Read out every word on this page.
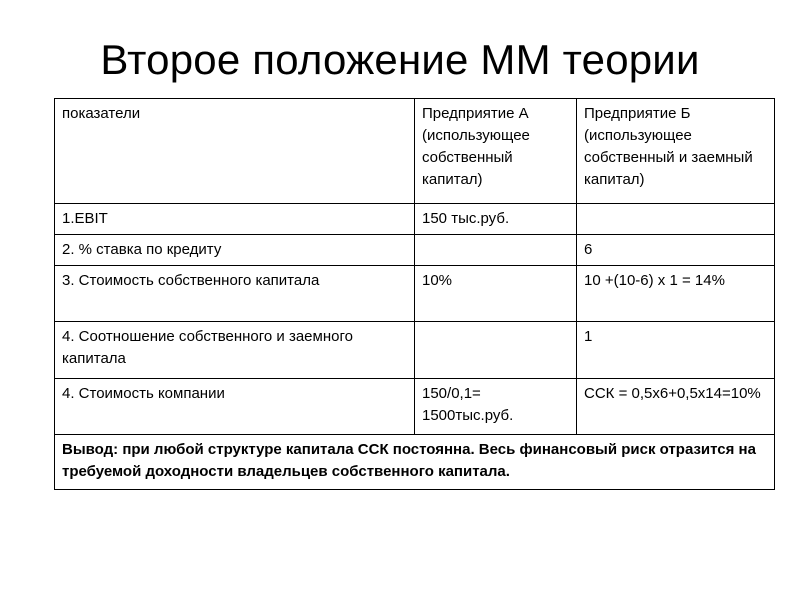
Второе положение ММ теории
показатели	Предприятие А (использующее собственный капитал)	Предприятие Б (использующее собственный и заемный капитал)
1.EBIT	150 тыс.руб.	
2. % ставка по кредиту		6
3. Стоимость собственного капитала	10%	10 +(10-6) х 1 = 14%
4. Соотношение собственного и заемного капитала		1
4. Стоимость компании	150/0,1= 1500тыс.руб.	ССК = 0,5х6+0,5х14=10%
Вывод: при любой структуре капитала ССК постоянна. Весь финансовый риск отразится на требуемой доходности владельцев собственного капитала.		
